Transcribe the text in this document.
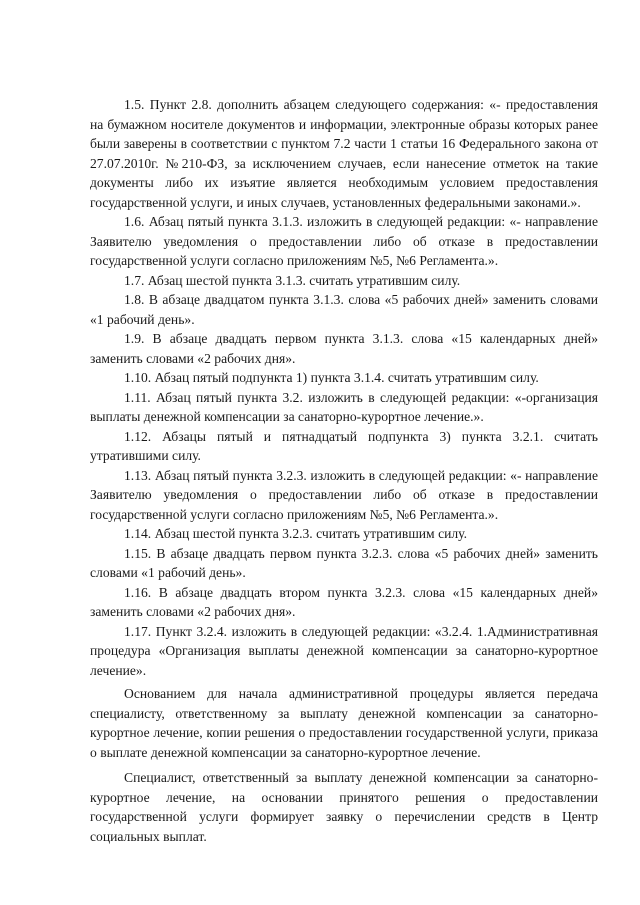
1.5. Пункт 2.8. дополнить абзацем следующего содержания: «- предоставления на бумажном носителе документов и информации, электронные образы которых ранее были заверены в соответствии с пунктом 7.2 части 1 статьи 16 Федерального закона от 27.07.2010г. №210-ФЗ, за исключением случаев, если нанесение отметок на такие документы либо их изъятие является необходимым условием предоставления государственной услуги, и иных случаев, установленных федеральными законами.».

1.6. Абзац пятый пункта 3.1.3. изложить в следующей редакции: «- направление Заявителю уведомления о предоставлении либо об отказе в предоставлении государственной услуги согласно приложениям №5, №6 Регламента.».

1.7. Абзац шестой пункта 3.1.3. считать утратившим силу.

1.8. В абзаце двадцатом пункта 3.1.3. слова «5 рабочих дней» заменить словами «1 рабочий день».

1.9. В абзаце двадцать первом пункта 3.1.3. слова «15 календарных дней» заменить словами «2 рабочих дня».

1.10. Абзац пятый подпункта 1) пункта 3.1.4. считать утратившим силу.

1.11. Абзац пятый пункта 3.2. изложить в следующей редакции: «-организация выплаты денежной компенсации за санаторно-курортное лечение.».

1.12. Абзацы пятый и пятнадцатый подпункта 3) пункта 3.2.1. считать утратившими силу.

1.13. Абзац пятый пункта 3.2.3. изложить в следующей редакции: «- направление Заявителю уведомления о предоставлении либо об отказе в предоставлении государственной услуги согласно приложениям №5, №6 Регламента.».

1.14. Абзац шестой пункта 3.2.3. считать утратившим силу.

1.15. В абзаце двадцать первом пункта 3.2.3. слова «5 рабочих дней» заменить словами «1 рабочий день».

1.16. В абзаце двадцать втором пункта 3.2.3. слова «15 календарных дней» заменить словами «2 рабочих дня».

1.17. Пункт 3.2.4. изложить в следующей редакции: «3.2.4. 1.Административная процедура «Организация выплаты денежной компенсации за санаторно-курортное лечение».

Основанием для начала административной процедуры является передача специалисту, ответственному за выплату денежной компенсации за санаторно-курортное лечение, копии решения о предоставлении государственной услуги, приказа о выплате денежной компенсации за санаторно-курортное лечение.

Специалист, ответственный за выплату денежной компенсации за санаторно-курортное лечение, на основании принятого решения о предоставлении государственной услуги формирует заявку о перечислении средств в Центр социальных выплат.
